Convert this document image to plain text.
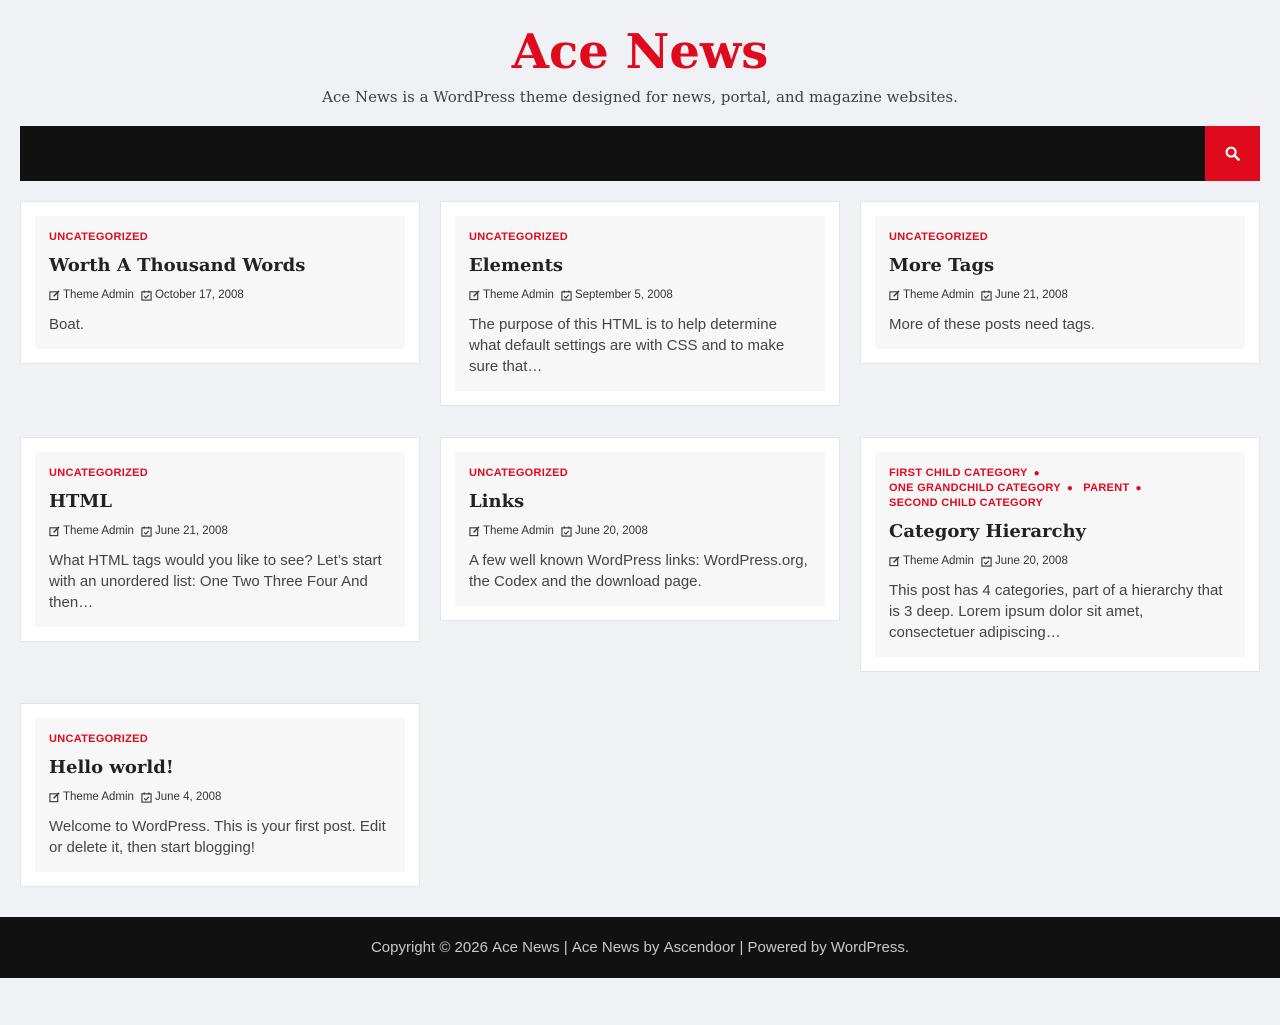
Ace News
Ace News is a WordPress theme designed for news, portal, and magazine websites.
UNCATEGORIZED
Worth A Thousand Words
Theme Admin October 17, 2008
Boat.
UNCATEGORIZED
Elements
Theme Admin September 5, 2008
The purpose of this HTML is to help determine what default settings are with CSS and to make sure that…
UNCATEGORIZED
More Tags
Theme Admin June 21, 2008
More of these posts need tags.
UNCATEGORIZED
HTML
Theme Admin June 21, 2008
What HTML tags would you like to see? Let’s start with an unordered list: One Two Three Four And then…
UNCATEGORIZED
Links
Theme Admin June 20, 2008
A few well known WordPress links: WordPress.org, the Codex and the download page.
FIRST CHILD CATEGORY ●
ONE GRANDCHILD CATEGORY ● PARENT ●
SECOND CHILD CATEGORY
Category Hierarchy
Theme Admin June 20, 2008
This post has 4 categories, part of a hierarchy that is 3 deep. Lorem ipsum dolor sit amet, consectetuer adipiscing…
UNCATEGORIZED
Hello world!
Theme Admin June 4, 2008
Welcome to WordPress. This is your first post. Edit or delete it, then start blogging!
Copyright © 2026 Ace News | Ace News by Ascendoor | Powered by WordPress.
